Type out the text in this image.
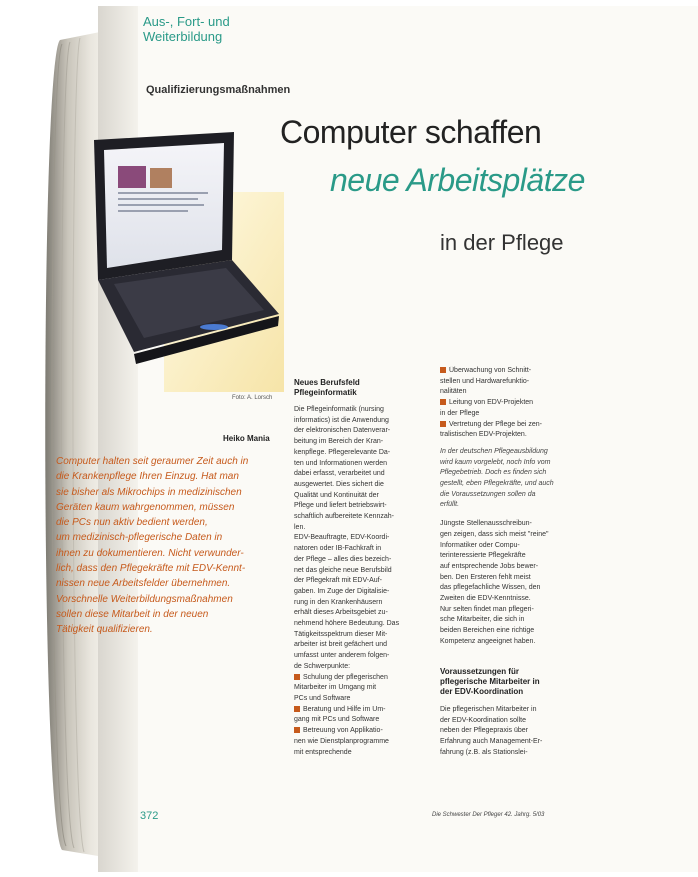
Aus-, Fort- und
Weiterbildung
Qualifizierungsmaßnahmen
Computer schaffen
neue Arbeitsplätze
in der Pflege
Foto: A. Lorsch
Heiko Mania
Computer halten seit geraumer Zeit auch in
die Krankenpflege Ihren Einzug. Hat man
sie bisher als Mikrochips in medizinischen
Geräten kaum wahrgenommen, müssen
die PCs nun aktiv bedient werden,
um medizinisch-pflegerische Daten in
ihnen zu dokumentieren. Nicht verwunder-
lich, dass den Pflegekräfte mit EDV-Kennt-
nissen neue Arbeitsfelder übernehmen.
Vorschnelle Weiterbildungsmaßnahmen
sollen diese Mitarbeit in der neuen
Tätigkeit qualifizieren.
Neues Berufsfeld
Pflegeinformatik
Die Pflegeinformatik (nursing
informatics) ist die Anwendung
der elektronischen Datenverar-
beitung im Bereich der Kran-
kenpflege. Pflegerelevante Da-
ten und Informationen werden
dabei erfasst, verarbeitet und
ausgewertet. Dies sichert die
Qualität und Kontinuität der
Pflege und liefert betriebswirt-
schaftlich aufbereitete Kennzah-
len.
EDV-Beauftragte, EDV-Koordi-
natoren oder IB-Fachkraft in
der Pflege – alles dies bezeich-
net das gleiche neue Berufsbild
der Pflegekraft mit EDV-Auf-
gaben. Im Zuge der Digitalisie-
rung in den Krankenhäusern
erhält dieses Arbeitsgebiet zu-
nehmend höhere Bedeutung. Das
Tätigkeitsspektrum dieser Mit-
arbeiter ist breit gefächert und
umfasst unter anderem folgen-
de Schwerpunkte:
Schulung der pflegerischen
Mitarbeiter im Umgang mit
PCs und Software
Beratung und Hilfe im Um-
gang mit PCs und Software
Betreuung von Applikatio-
nen wie Dienstplanprogramme
mit entsprechende
Überwachung von Schnitt-
stellen und Hardwarefunktio-
nalitäten
Leitung von EDV-Projekten
in der Pflege
Vertretung der Pflege bei zen-
tralistischen EDV-Projekten.
In der deutschen Pflegeausbildung
wird kaum vorgelebt, noch Info vom
Pflegebetrieb. Doch es finden sich
gestellt, eben Pflegekräfte, und auch
die Voraussetzungen sollen da
erfüllt.
Jüngste Stellenausschreibun-
gen zeigen, dass sich meist "reine"
Informatiker oder Compu-
terinteressierte Pflegekräfte
auf entsprechende Jobs bewer-
ben. Den Ersteren fehlt meist
das pflegefachliche Wissen, den
Zweiten die EDV-Kenntnisse.
Nur selten findet man pflegeri-
sche Mitarbeiter, die sich in
beiden Bereichen eine richtige
Kompetenz angeeignet haben.
Voraussetzungen für
pflegerische Mitarbeiter in
der EDV-Koordination
Die pflegerischen Mitarbeiter in
der EDV-Koordination sollte
neben der Pflegepraxis über
Erfahrung auch Management-Er-
fahrung (z.B. als Stationslei-
372	Die Schwester Der Pfleger 42. Jahrg. 5/03
